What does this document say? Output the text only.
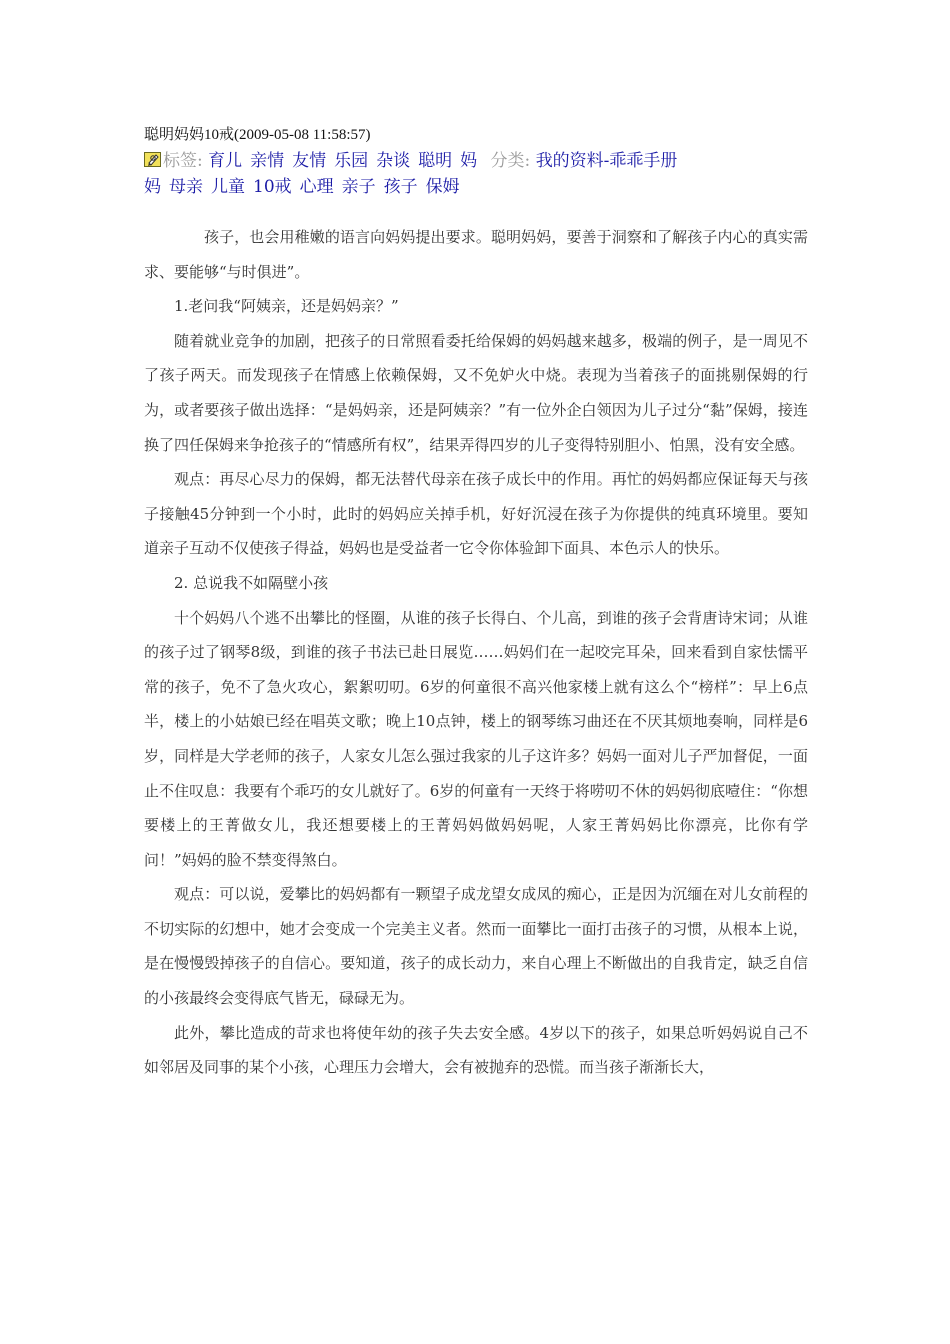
聪明妈妈10戒(2009-05-08 11:58:57)
标签: 育儿 亲情 友情 乐园 杂谈 聪明 妈 分类: 我的资料-乖乖手册
妈 母亲 儿童 10戒 心理 亲子 孩子 保姆

孩子，也会用稚嫩的语言向妈妈提出要求。聪明妈妈，要善于洞察和了解孩子内心的真实需求、要能够“与时俱进”。

1.老问我“阿姨亲，还是妈妈亲？”

随着就业竞争的加剧，把孩子的日常照看委托给保姆的妈妈越来越多，极端的例子，是一周见不了孩子两天。而发现孩子在情感上依赖保姆，又不免妒火中烧。表现为当着孩子的面挑剔保姆的行为，或者要孩子做出选择：“是妈妈亲，还是阿姨亲？”有一位外企白领因为儿子过分“黏”保姆，接连换了四任保姆来争抢孩子的“情感所有权”，结果弄得四岁的儿子变得特别胆小、怕黑，没有安全感。

观点：再尽心尽力的保姆，都无法替代母亲在孩子成长中的作用。再忙的妈妈都应保证每天与孩子接触45分钟到一个小时，此时的妈妈应关掉手机，好好沉浸在孩子为你提供的纯真环境里。要知道亲子互动不仅使孩子得益，妈妈也是受益者一它令你体验卸下面具、本色示人的快乐。

2. 总说我不如隔壁小孩

十个妈妈八个逃不出攀比的怪圈，从谁的孩子长得白、个儿高，到谁的孩子会背唐诗宋词；从谁的孩子过了钢琴8级，到谁的孩子书法已赴日展览……妈妈们在一起咬完耳朵，回来看到自家怯懦平常的孩子，免不了急火攻心，絮絮叨叨。6岁的何童很不高兴他家楼上就有这么个“榜样”：早上6点半，楼上的小姑娘已经在唱英文歌；晚上10点钟，楼上的钢琴练习曲还在不厌其烦地奏响，同样是6岁，同样是大学老师的孩子，人家女儿怎么强过我家的儿子这许多？妈妈一面对儿子严加督促，一面止不住叹息：我要有个乖巧的女儿就好了。6岁的何童有一天终于将唠叨不休的妈妈彻底噎住：“你想要楼上的王菁做女儿，我还想要楼上的王菁妈妈做妈妈呢，人家王菁妈妈比你漂亮，比你有学问！”妈妈的脸不禁变得煞白。

观点：可以说，爱攀比的妈妈都有一颗望子成龙望女成凤的痴心，正是因为沉缅在对儿女前程的不切实际的幻想中，她才会变成一个完美主义者。然而一面攀比一面打击孩子的习惯，从根本上说，是在慢慢毁掉孩子的自信心。要知道，孩子的成长动力，来自心理上不断做出的自我肯定，缺乏自信的小孩最终会变得底气皆无，碌碌无为。

此外，攀比造成的苛求也将使年幼的孩子失去安全感。4岁以下的孩子，如果总听妈妈说自己不如邻居及同事的某个小孩，心理压力会增大，会有被抛弃的恐慌。而当孩子渐渐长大，
